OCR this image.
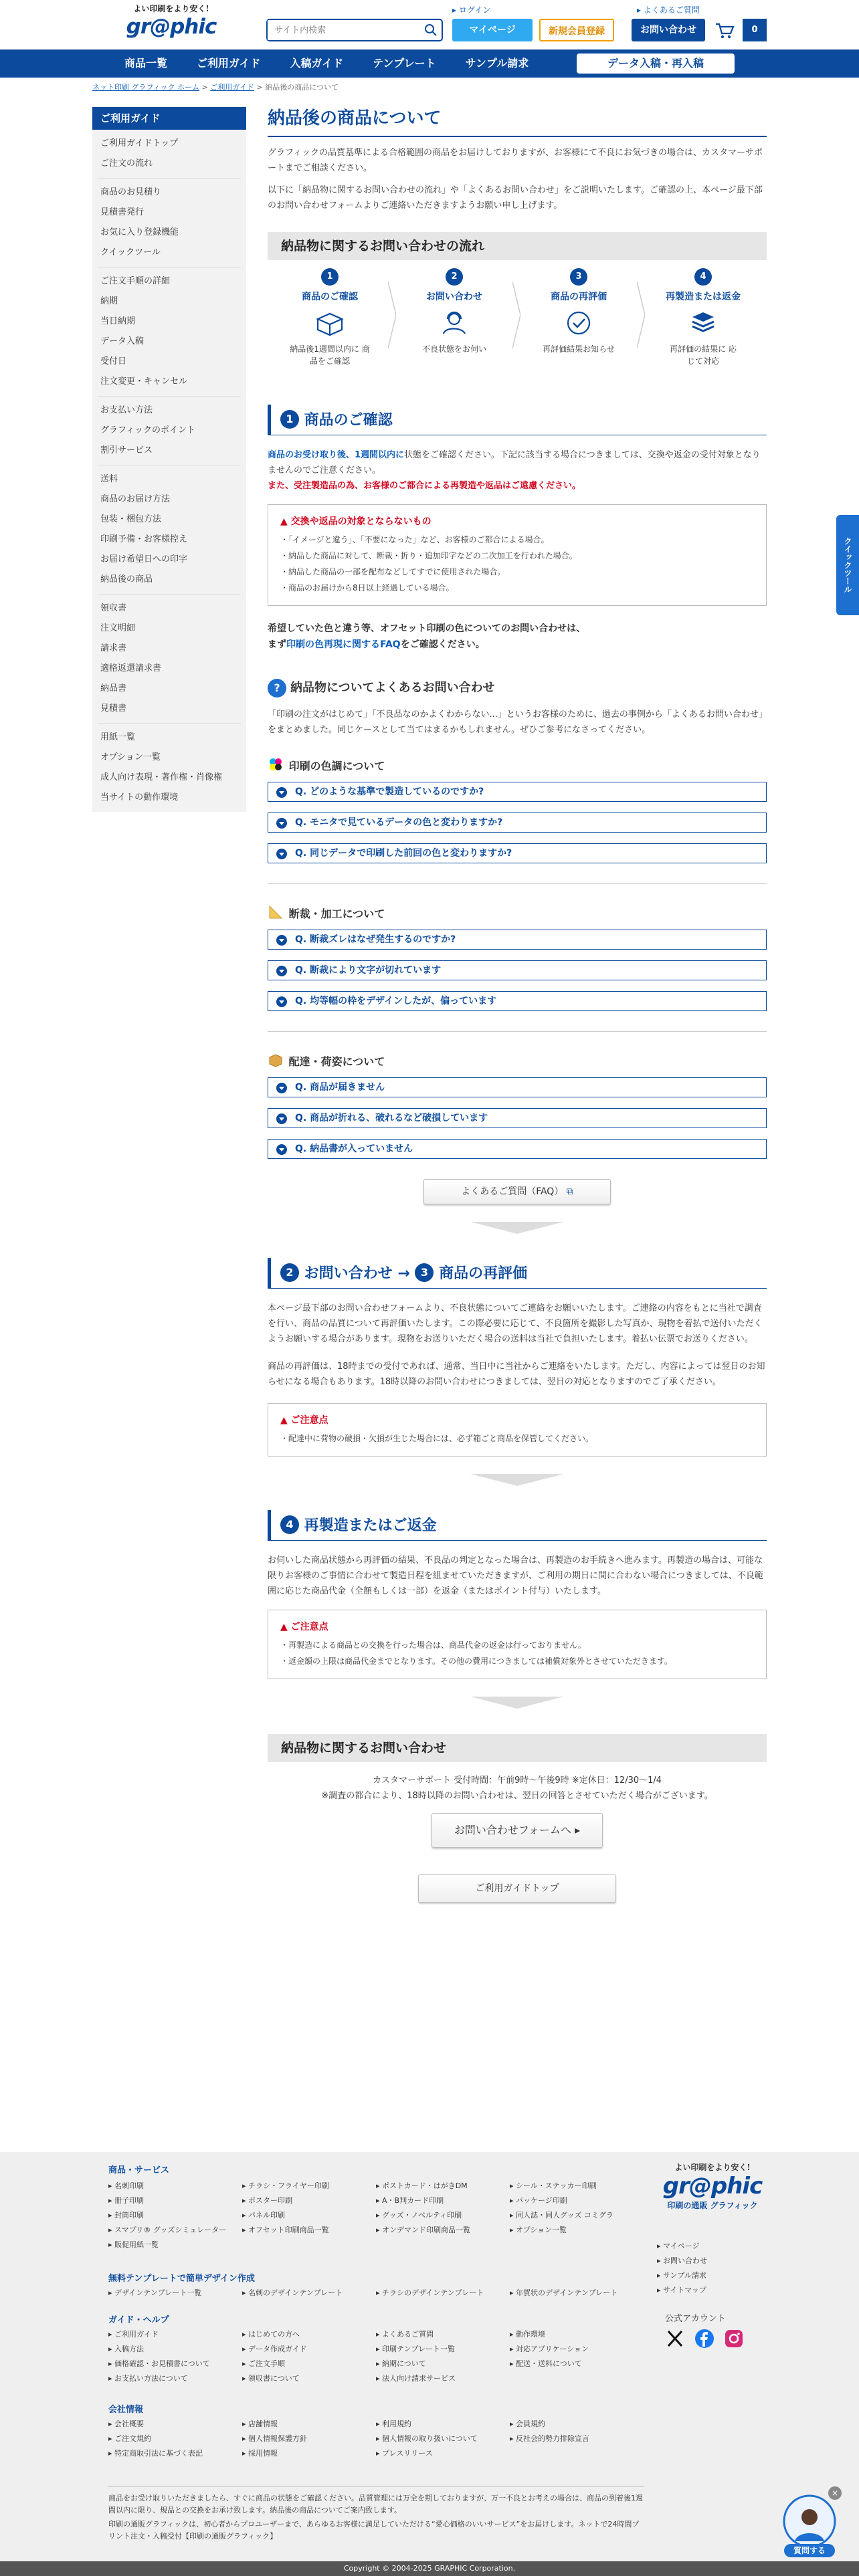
よい印刷をより安く!
gr@phic
サイト内検索
▸ ログイン	▸ よくあるご質問
マイページ	新規会員登録	お問い合わせ	0
商品一覧	ご利用ガイド	入稿ガイド	テンプレート	サンプル請求	データ入稿・再入稿
ネット印刷 グラフィック ホーム > ご利用ガイド > 納品後の商品について
ご利用ガイド
ご利用ガイドトップ
ご注文の流れ
商品のお見積り
見積書発行
お気に入り登録機能
クイックツール
ご注文手順の詳細
納期
当日納期
データ入稿
受付日
注文変更・キャンセル
お支払い方法
グラフィックのポイント
割引サービス
送料
商品のお届け方法
包装・梱包方法
印刷予備・お客様控え
お届け希望日への印字
納品後の商品
領収書
注文明細
請求書
適格返還請求書
納品書
見積書
用紙一覧
オプション一覧
成人向け表現・著作権・肖像権
当サイトの動作環境
納品後の商品について

グラフィックの品質基準による合格範囲の商品をお届けしておりますが、お客様にて不良にお気づきの場合は、カスタマーサポートまでご相談ください。

以下に「納品物に関するお問い合わせの流れ」や「よくあるお問い合わせ」をご説明いたします。ご確認の上、本ページ最下部のお問い合わせフォームよりご連絡いただきますようお願い申し上げます。

納品物に関するお問い合わせの流れ
1
商品のご確認
納品後1週間以内に 商品をご確認
2
お問い合わせ
不良状態をお伺い
3
商品の再評価
再評価結果お知らせ
4
再製造または返金
再評価の結果に 応じて対応
1 商品のご確認

商品のお受け取り後、1週間以内に状態をご確認ください。下記に該当する場合につきましては、交換や返金の受付対象となりませんのでご注意ください。

また、受注製造品の為、お客様のご都合による再製造や返品はご遠慮ください。

▲ 交換や返品の対象とならないもの
・「イメージと違う」、「不要になった」など、お客様のご都合による場合。
・納品した商品に対して、断裁・折り・追加印字などの二次加工を行われた場合。
・納品した商品の一部を配布などしてすでに使用された場合。
・商品のお届けから8日以上経過している場合。

希望していた色と違う等、オフセット印刷の色についてのお問い合わせは、
まず印刷の色再現に関するFAQをご確認ください。

? 納品物についてよくあるお問い合わせ

「印刷の注文がはじめて」「不良品なのかよくわからない...」というお客様のために、過去の事例から「よくあるお問い合わせ」をまとめました。同じケースとして当てはまるかもしれません。ぜひご参考になさってください。

印刷の色調について
Q. どのような基準で製造しているのですか?
Q. モニタで見ているデータの色と変わりますか?
Q. 同じデータで印刷した前回の色と変わりますか?
断裁・加工について
Q. 断裁ズレはなぜ発生するのですか?
Q. 断裁により文字が切れています
Q. 均等幅の枠をデザインしたが、偏っています
配達・荷姿について
Q. 商品が届きません
Q. 商品が折れる、破れるなど破損しています
Q. 納品書が入っていません
よくあるご質問（FAQ） ⧉
2 お問い合わせ → 3 商品の再評価

本ページ最下部のお問い合わせフォームより、不良状態についてご連絡をお願いいたします。ご連絡の内容をもとに当社で調査を行い、商品の品質について再評価いたします。この際必要に応じて、不良箇所を撮影した写真か、現物を着払で送付いただくようお願いする場合があります。現物をお送りいただく場合の送料は当社で負担いたします。着払い伝票でお送りください。

商品の再評価は、18時までの受付であれば、通常、当日中に当社からご連絡をいたします。ただし、内容によっては翌日のお知らせになる場合もあります。18時以降のお問い合わせにつきましては、翌日の対応となりますのでご了承ください。

▲ ご注意点
・配達中に荷物の破損・欠損が生じた場合には、必ず箱ごと商品を保管してください。
4 再製造またはご返金

お伺いした商品状態から再評価の結果、不良品の判定となった場合は、再製造のお手続きへ進みます。再製造の場合は、可能な限りお客様のご事情に合わせて製造日程を組ませていただきますが、ご利用の期日に間に合わない場合につきましては、不良範囲に応じた商品代金（全額もしくは一部）を返金（またはポイント付与）いたします。

▲ ご注意点
・再製造による商品との交換を行った場合は、商品代金の返金は行っておりません。
・返金額の上限は商品代金までとなります。その他の費用につきましては補償対象外とさせていただきます。
納品物に関するお問い合わせ

カスタマーサポート 受付時間：午前9時〜午後9時 ※定休日：12/30〜1/4

※調査の都合により、18時以降のお問い合わせは、翌日の回答とさせていただく場合がございます。

お問い合わせフォームへ ▸
ご利用ガイドトップ
クイックツール
商品・サービス
▸ 名刺印刷
▸ 冊子印刷
▸ 封筒印刷
▸ スマプリ® グッズシミュレーター
▸ 販促用紙一覧
▸ チラシ・フライヤー印刷
▸ ポスター印刷
▸ パネル印刷
▸ オフセット印刷商品一覧
▸ ポストカード・はがきDM
▸ A・B判カード印刷
▸ グッズ・ノベルティ印刷
▸ オンデマンド印刷商品一覧
▸ シール・ステッカー印刷
▸ パッケージ印刷
▸ 同人誌・同人グッズ コミグラ
▸ オプション一覧
無料テンプレートで簡単デザイン作成
▸ デザインテンプレート一覧	▸ 名刺のデザインテンプレート	▸ チラシのデザインテンプレート	▸ 年賀状のデザインテンプレート
ガイド・ヘルプ
▸ ご利用ガイド
▸ 入稿方法
▸ 価格確認・お見積書について
▸ お支払い方法について
▸ はじめての方へ
▸ データ作成ガイド
▸ ご注文手順
▸ 領収書について
▸ よくあるご質問
▸ 印刷テンプレート一覧
▸ 納期について
▸ 法人向け請求サービス
▸ 動作環境
▸ 対応アプリケーション
▸ 配送・送料について
会社情報
▸ 会社概要
▸ ご注文規約
▸ 特定商取引法に基づく表記
▸ 店舗情報
▸ 個人情報保護方針
▸ 採用情報
▸ 利用規約
▸ 個人情報の取り扱いについて
▸ プレスリリース
▸ 会員規約
▸ 反社会的勢力排除宣言
よい印刷をより安く!
gr@phic
印刷の通販 グラフィック
▸ マイページ
▸ お問い合わせ
▸ サンプル請求
▸ サイトマップ
公式アカウント
商品をお受け取りいただきましたら、すぐに商品の状態をご確認ください。品質管理には万全を期しておりますが、万一不良とお考えの場合は、商品の到着後1週間以内に限り、規品との交換をお承け致します。納品後の商品についてご案内致します。
印刷の通販グラフィックは、初心者からプロユーザーまで、あらゆるお客様に満足していただける“愛心価格のいいサービス”をお届けします。ネットで24時間プリント注文・入稿受付【印刷の通販グラフィック】
×
質問する
Copyright © 2004-2025 GRAPHIC Corporation.
